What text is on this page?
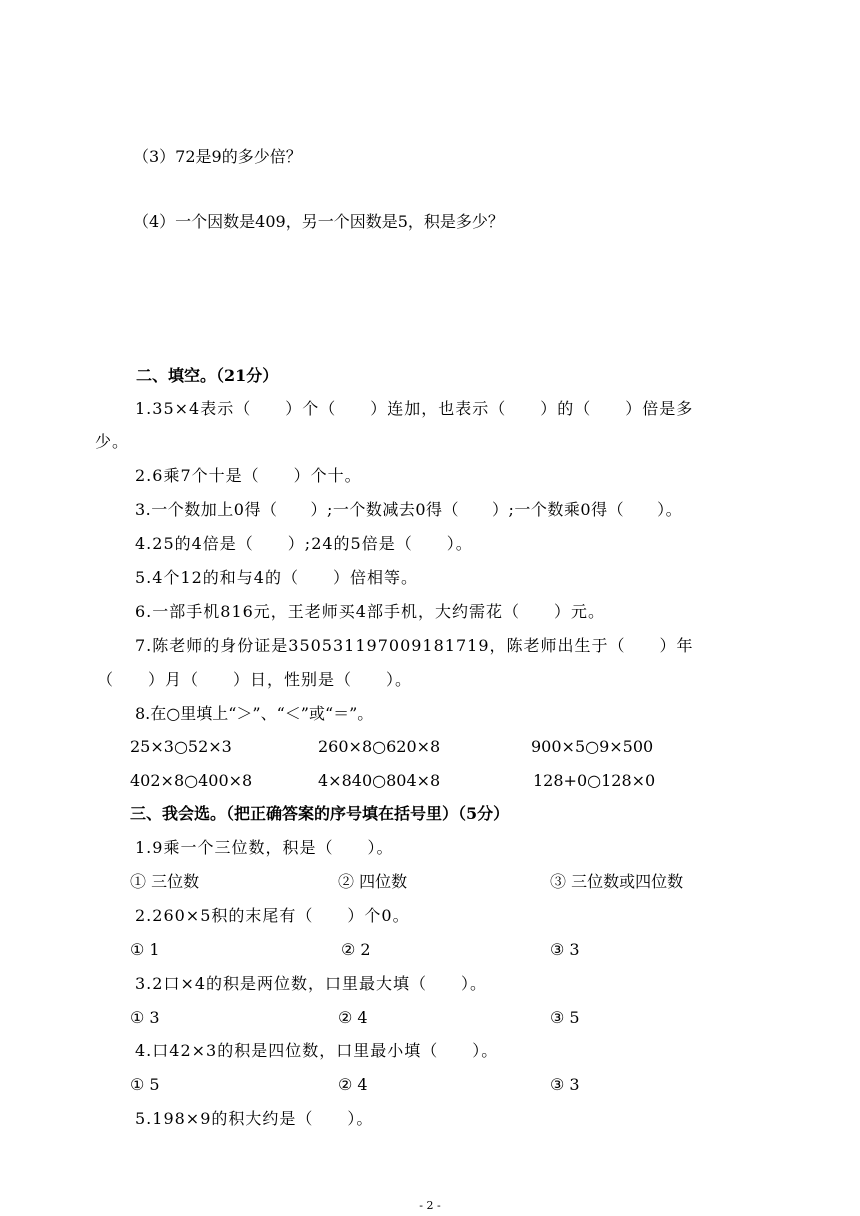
（3）72是9的多少倍？
（4）一个因数是409，另一个因数是5，积是多少？
二、填空。（21分）
1.35×4表示（　　）个（　　）连加，也表示（　　）的（　　）倍是多
少。
2.6乘7个十是（　　）个十。
3.一个数加上0得（　　）;一个数减去0得（　　）;一个数乘0得（　　）。
4.25的4倍是（　　）;24的5倍是（　　）。
5.4个12的和与4的（　　）倍相等。
6.一部手机816元，王老师买4部手机，大约需花（　　）元。
7.陈老师的身份证是350531197009181719，陈老师出生于（　　）年
（　　）月（　　）日，性别是（　　）。
8.在○里填上“＞”、“＜”或“＝”。
25×3○52×3	260×8○620×8	900×5○9×500
402×8○400×8	4×840○804×8	128+0○128×0
三、我会选。（把正确答案的序号填在括号里）（5分）
1.9乘一个三位数，积是（　　）。
① 三位数	② 四位数	③ 三位数或四位数
2.260×5积的末尾有（　　）个0。
① 1	② 2	③ 3
3.2口×4的积是两位数，口里最大填（　　）。
① 3	② 4	③ 5
4.口42×3的积是四位数，口里最小填（　　）。
① 5	② 4	③ 3
5.198×9的积大约是（　　）。
- 2 -
